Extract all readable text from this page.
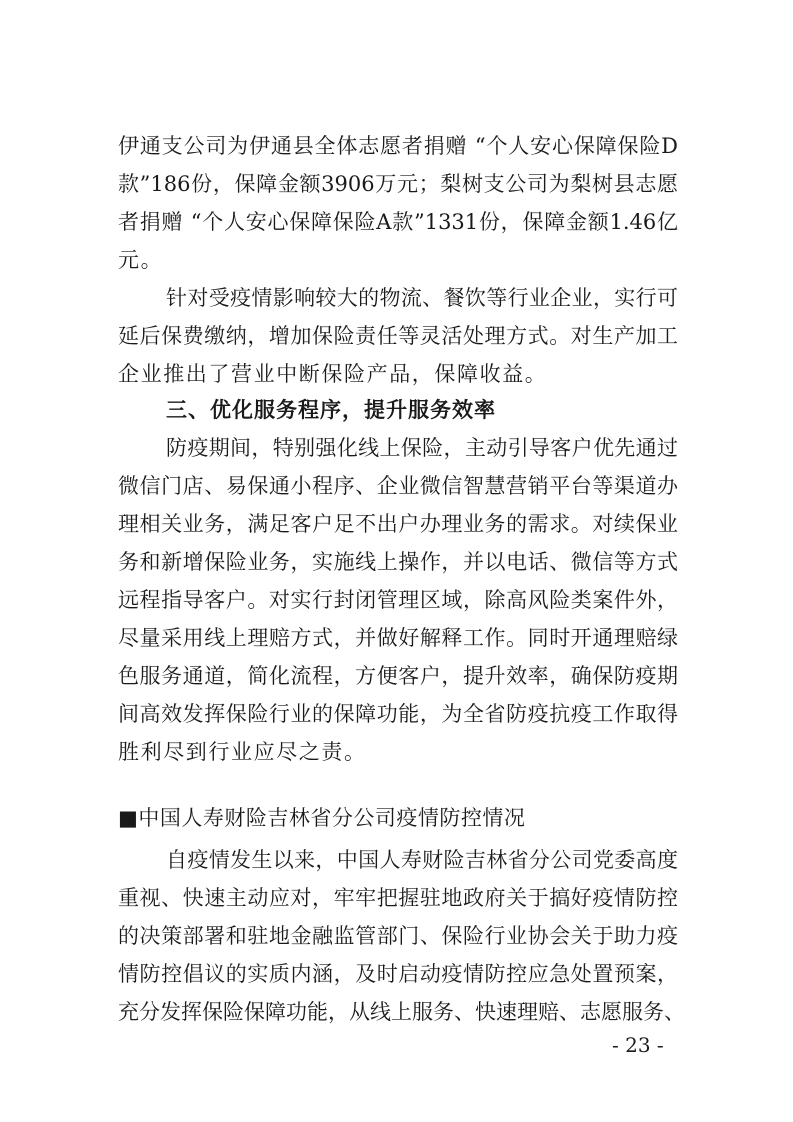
伊通支公司为伊通县全体志愿者捐赠 “个人安心保障保险D
款”186份，保障金额3906万元；梨树支公司为梨树县志愿
者捐赠 “个人安心保障保险A款”1331份，保障金额1.46亿
元。
针对受疫情影响较大的物流、餐饮等行业企业，实行可
延后保费缴纳，增加保险责任等灵活处理方式。对生产加工
企业推出了营业中断保险产品，保障收益。
三、优化服务程序，提升服务效率
防疫期间，特别强化线上保险，主动引导客户优先通过
微信门店、易保通小程序、企业微信智慧营销平台等渠道办
理相关业务，满足客户足不出户办理业务的需求。对续保业
务和新增保险业务，实施线上操作，并以电话、微信等方式
远程指导客户。对实行封闭管理区域，除高风险类案件外，
尽量采用线上理赔方式，并做好解释工作。同时开通理赔绿
色服务通道，简化流程，方便客户，提升效率，确保防疫期
间高效发挥保险行业的保障功能，为全省防疫抗疫工作取得
胜利尽到行业应尽之责。
■中国人寿财险吉林省分公司疫情防控情况
自疫情发生以来，中国人寿财险吉林省分公司党委高度
重视、快速主动应对，牢牢把握驻地政府关于搞好疫情防控
的决策部署和驻地金融监管部门、保险行业协会关于助力疫
情防控倡议的实质内涵，及时启动疫情防控应急处置预案，
充分发挥保险保障功能，从线上服务、快速理赔、志愿服务、
- 23 -
